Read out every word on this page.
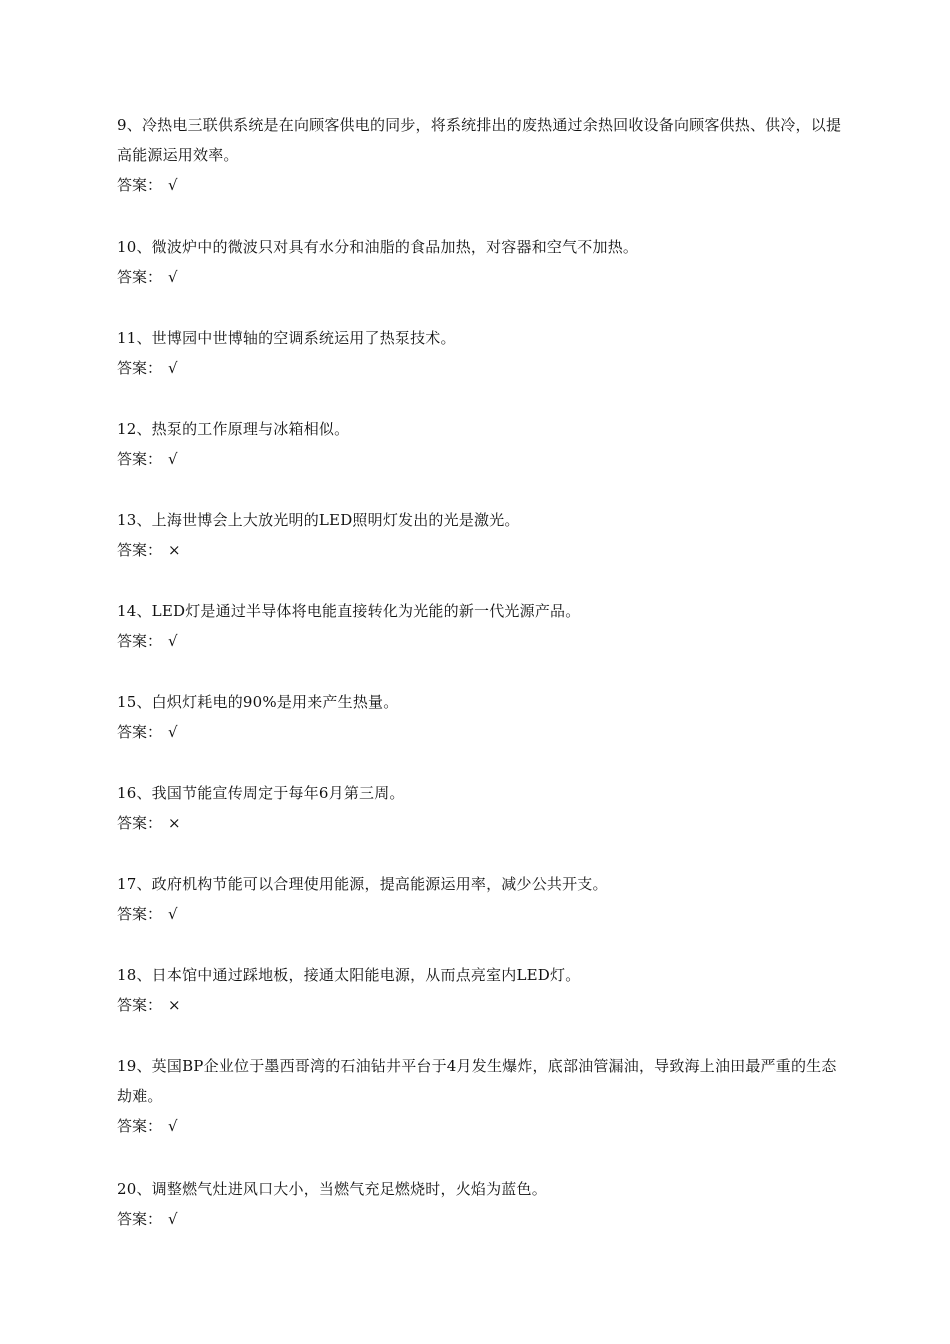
9、冷热电三联供系统是在向顾客供电的同步，将系统排出的废热通过余热回收设备向顾客供热、供冷，以提高能源运用效率。
答案： √
10、微波炉中的微波只对具有水分和油脂的食品加热，对容器和空气不加热。
答案： √
11、世博园中世博轴的空调系统运用了热泵技术。
答案： √
12、热泵的工作原理与冰箱相似。
答案： √
13、上海世博会上大放光明的LED照明灯发出的光是激光。
答案： ×
14、LED灯是通过半导体将电能直接转化为光能的新一代光源产品。
答案： √
15、白炽灯耗电的90%是用来产生热量。
答案： √
16、我国节能宣传周定于每年6月第三周。
答案： ×
17、政府机构节能可以合理使用能源，提高能源运用率，减少公共开支。
答案： √
18、日本馆中通过踩地板，接通太阳能电源，从而点亮室内LED灯。
答案： ×
19、英国BP企业位于墨西哥湾的石油钻井平台于4月发生爆炸，底部油管漏油，导致海上油田最严重的生态劫难。
答案： √
20、调整燃气灶进风口大小，当燃气充足燃烧时，火焰为蓝色。
答案： √
